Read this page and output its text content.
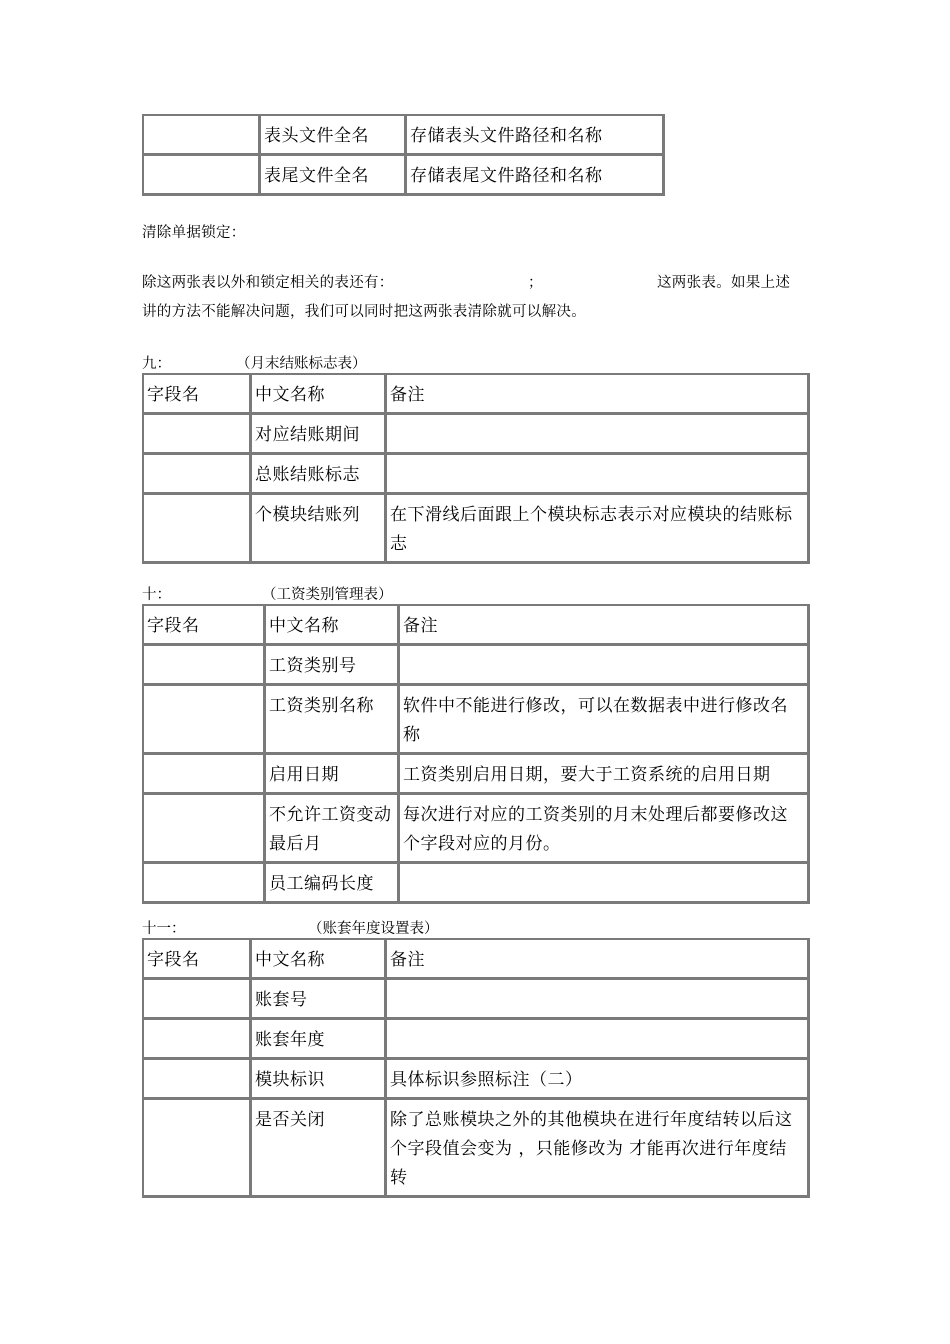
	表头文件全名	存储表头文件路径和名称
	表尾文件全名	存储表尾文件路径和名称

清除单据锁定：

除这两张表以外和锁定相关的表还有：	；	这两张表。如果上述

讲的方法不能解决问题，我们可以同时把这两张表清除就可以解决。

九：	（月末结账标志表）
字段名	中文名称	备注
	对应结账期间	
	总账结账标志	
	个模块结账列	在下滑线后面跟上个模块标志表示对应模块的结账标志
十：	（工资类别管理表）
字段名	中文名称	备注
	工资类别号	
	工资类别名称	软件中不能进行修改，可以在数据表中进行修改名称
	启用日期	工资类别启用日期，要大于工资系统的启用日期
	不允许工资变动最后月	每次进行对应的工资类别的月末处理后都要修改这个字段对应的月份。
	员工编码长度	
十一：	（账套年度设置表）
字段名	中文名称	备注
	账套号	
	账套年度	
	模块标识	具体标识参照标注（二）
	是否关闭	除了总账模块之外的其他模块在进行年度结转以后这个字段值会变为 ，只能修改为 才能再次进行年度结转
